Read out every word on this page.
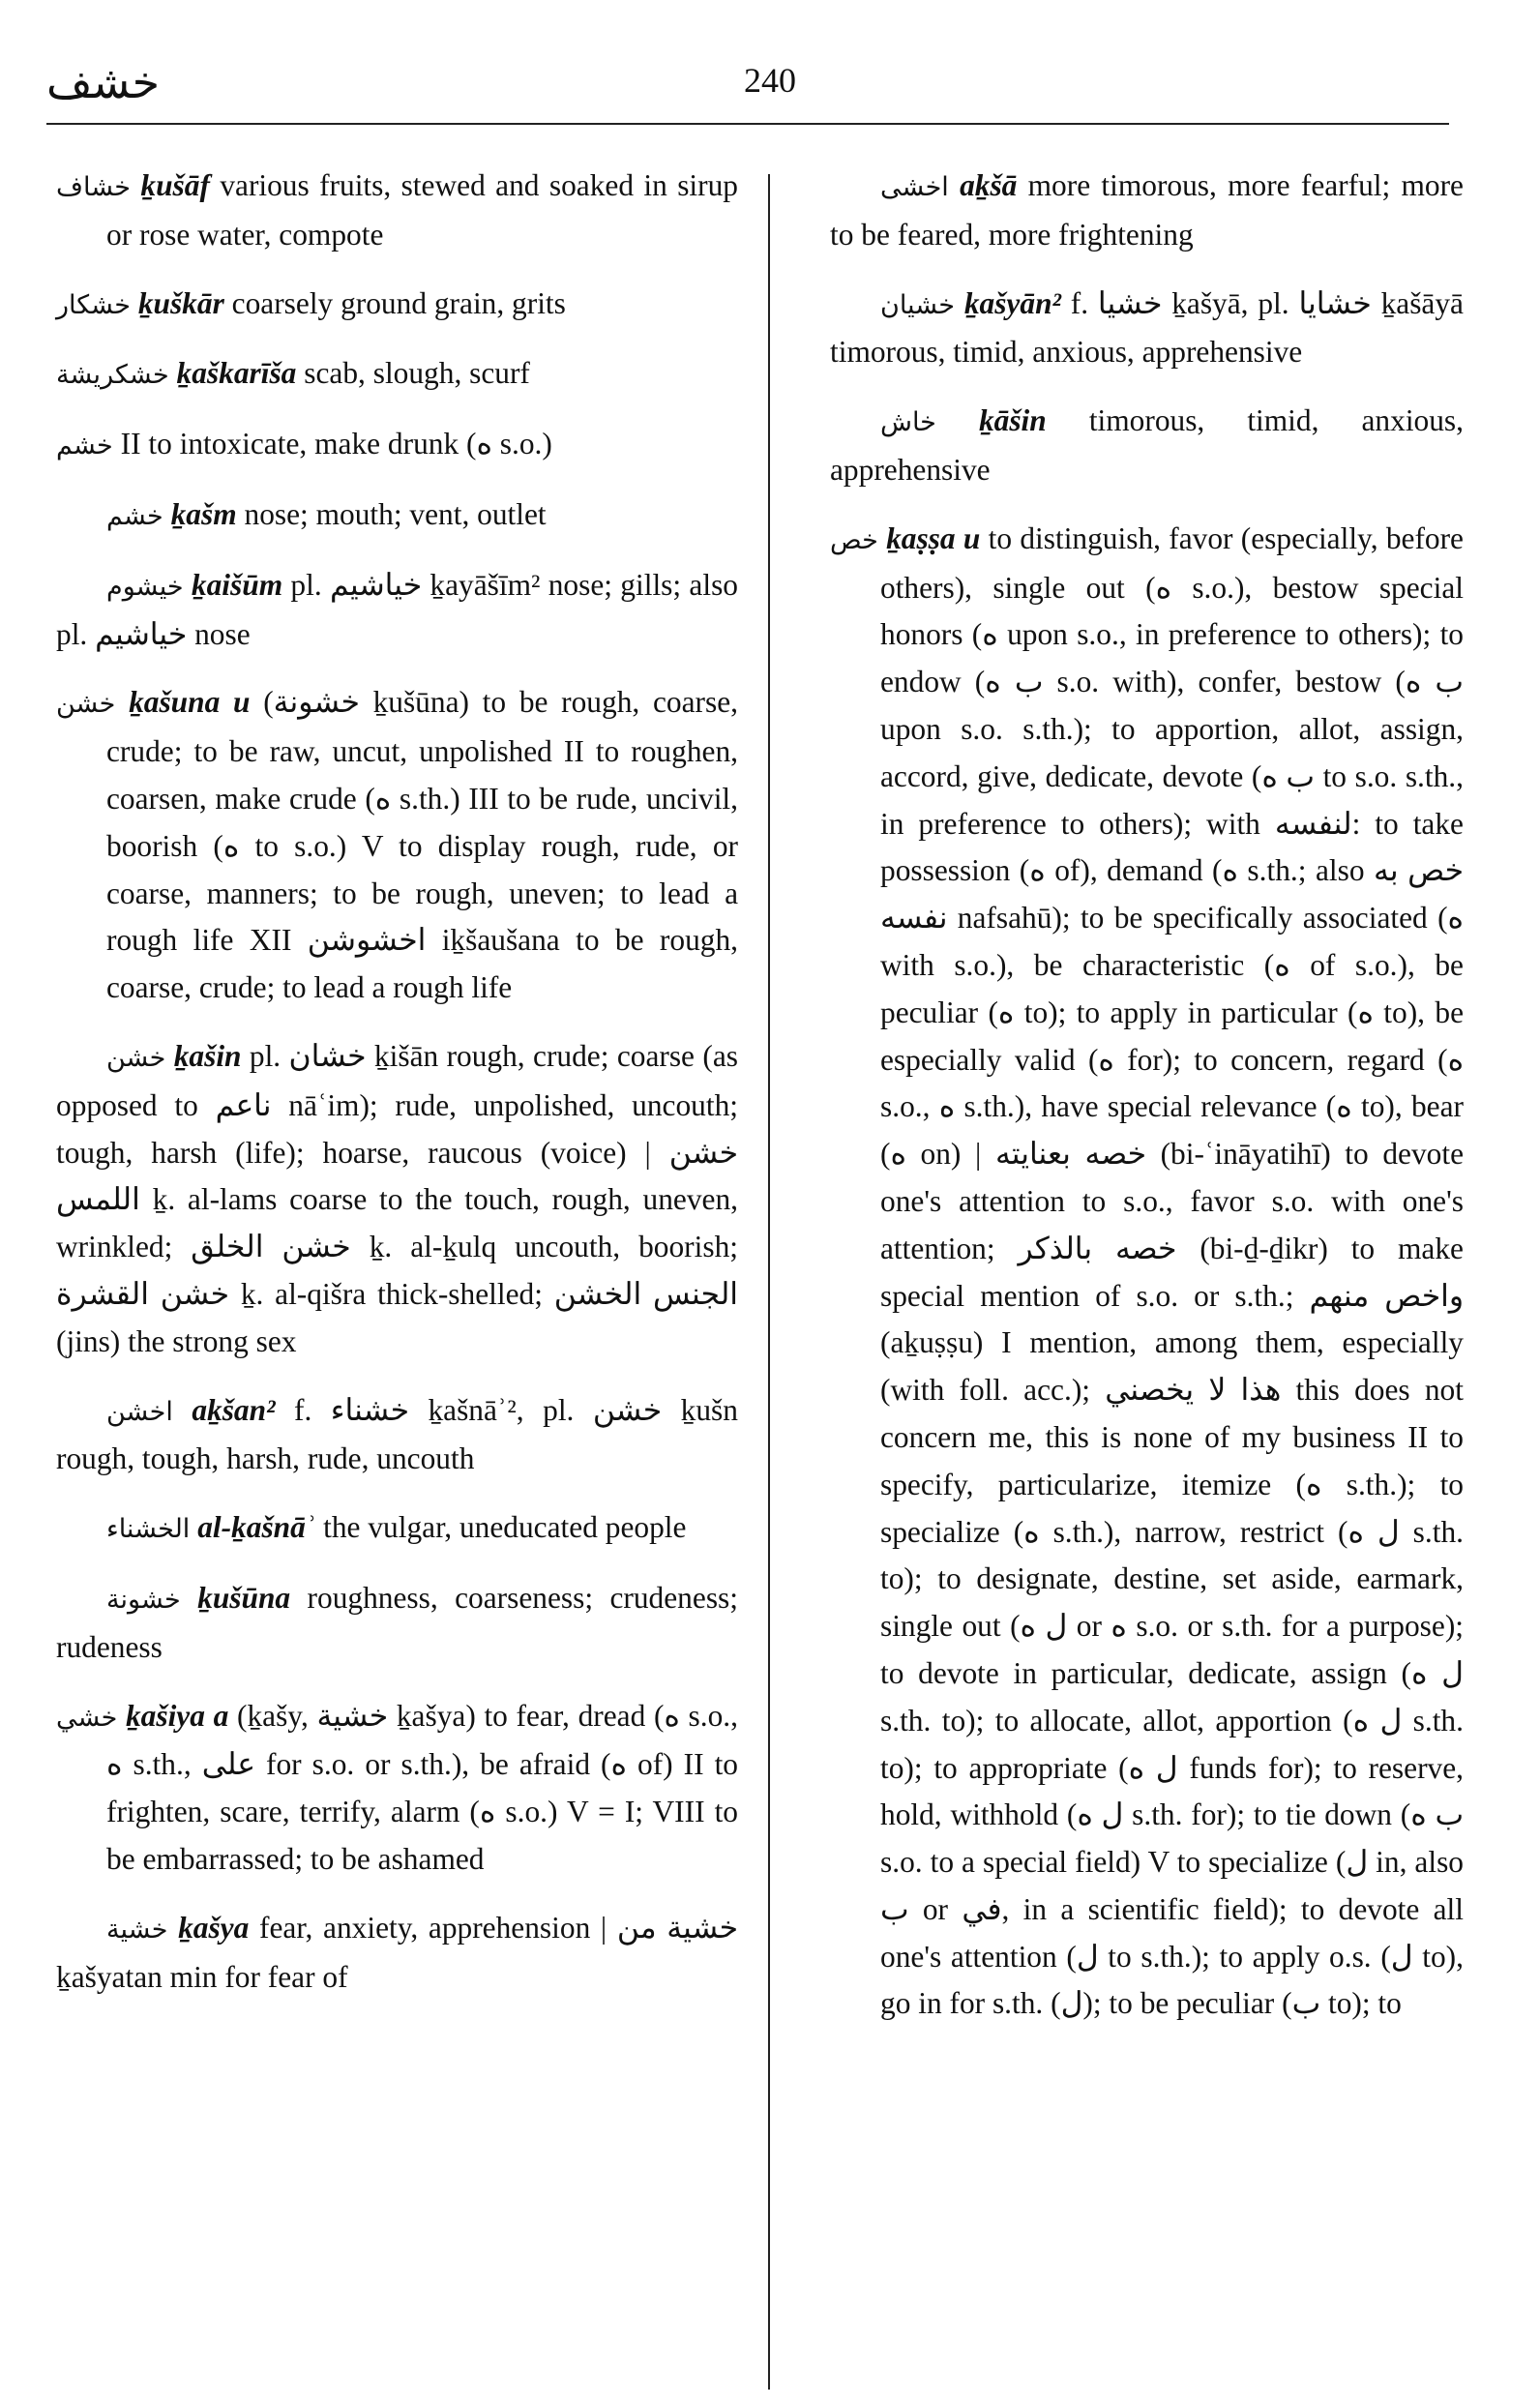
خشف	240

خشاف ḵušāf various fruits, stewed and soaked in sirup or rose water, compote

خشكار ḵuškār coarsely ground grain, grits

خشكريشة ḵaškarīša scab, slough, scurf

خشم II to intoxicate, make drunk (ه s.o.)

خشم ḵašm nose; mouth; vent, outlet

خيشوم ḵaišūm pl. خياشيم ḵayāšīm² nose; gills; also pl. خياشيم nose

خشن ḵašuna u (خشونة ḵušūna) to be rough, coarse, crude; to be raw, uncut, unpolished II to roughen, coarsen, make crude (ه s.th.) III to be rude, uncivil, boorish (ه to s.o.) V to display rough, rude, or coarse, manners; to be rough, uneven; to lead a rough life XII اخشوشن iḵšaušana to be rough, coarse, crude; to lead a rough life

خشن ḵašin pl. خشان ḵišān rough, crude; coarse (as opposed to ناعم nāʿim); rude, unpolished, uncouth; tough, harsh (life); hoarse, raucous (voice) | خشن اللمس ḵ. al-lams coarse to the touch, rough, uneven, wrinkled; خشن الخلق ḵ. al-ḵulq uncouth, boorish; خشن القشرة ḵ. al-qišra thick-shelled; الجنس الخشن (jins) the strong sex

اخشن aḵšan² f. خشناء ḵašnāʾ², pl. خشن ḵušn rough, tough, harsh, rude, uncouth

الخشناء al-ḵašnāʾ the vulgar, uneducated people

خشونة ḵušūna roughness, coarseness; crudeness; rudeness

خشي ḵašiya a (ḵašy, خشية ḵašya) to fear, dread (ه s.o., ه s.th., على for s.o. or s.th.), be afraid (ه of) II to frighten, scare, terrify, alarm (ه s.o.) V = I; VIII to be embarrassed; to be ashamed

خشية ḵašya fear, anxiety, apprehension | خشية من ḵašyatan min for fear of

اخشى aḵšā more timorous, more fearful; more to be feared, more frightening

خشيان ḵašyān² f. خشيا ḵašyā, pl. خشايا ḵašāyā timorous, timid, anxious, apprehensive

خاش ḵāšin timorous, timid, anxious, apprehensive

خص ḵaṣṣa u to distinguish, favor (especially, before others), single out (ه s.o.), bestow special honors (ه upon s.o., in preference to others); to endow (ب ه s.o. with), confer, bestow (ب ه upon s.o. s.th.); to apportion, allot, assign, accord, give, dedicate, devote (ب ه to s.o. s.th., in preference to others); with لنفسه: to take possession (ه of), demand (ه s.th.; also خص به نفسه nafsahū); to be specifically associated (ه with s.o.), be characteristic (ه of s.o.), be peculiar (ه to); to apply in particular (ه to), be especially valid (ه for); to concern, regard (ه s.o., ه s.th.), have special relevance (ه to), bear (ه on) | خصه بعنايته (bi-ʿināyatihī) to devote one's attention to s.o., favor s.o. with one's attention; خصه بالذكر (bi-ḏ-ḏikr) to make special mention of s.o. or s.th.; واخص منهم (aḵuṣṣu) I mention, among them, especially (with foll. acc.); هذا لا يخصني this does not concern me, this is none of my business II to specify, particularize, itemize (ه s.th.); to specialize (ه s.th.), narrow, restrict (ل ه s.th. to); to designate, destine, set aside, earmark, single out (ل ه or ه s.o. or s.th. for a purpose); to devote in particular, dedicate, assign (ل ه s.th. to); to allocate, allot, apportion (ل ه s.th. to); to appropriate (ل ه funds for); to reserve, hold, withhold (ل ه s.th. for); to tie down (ب ه s.o. to a special field) V to specialize (ل in, also ب or في, in a scientific field); to devote all one's attention (ل to s.th.); to apply o.s. (ل to), go in for s.th. (ل); to be peculiar (ب to); to
